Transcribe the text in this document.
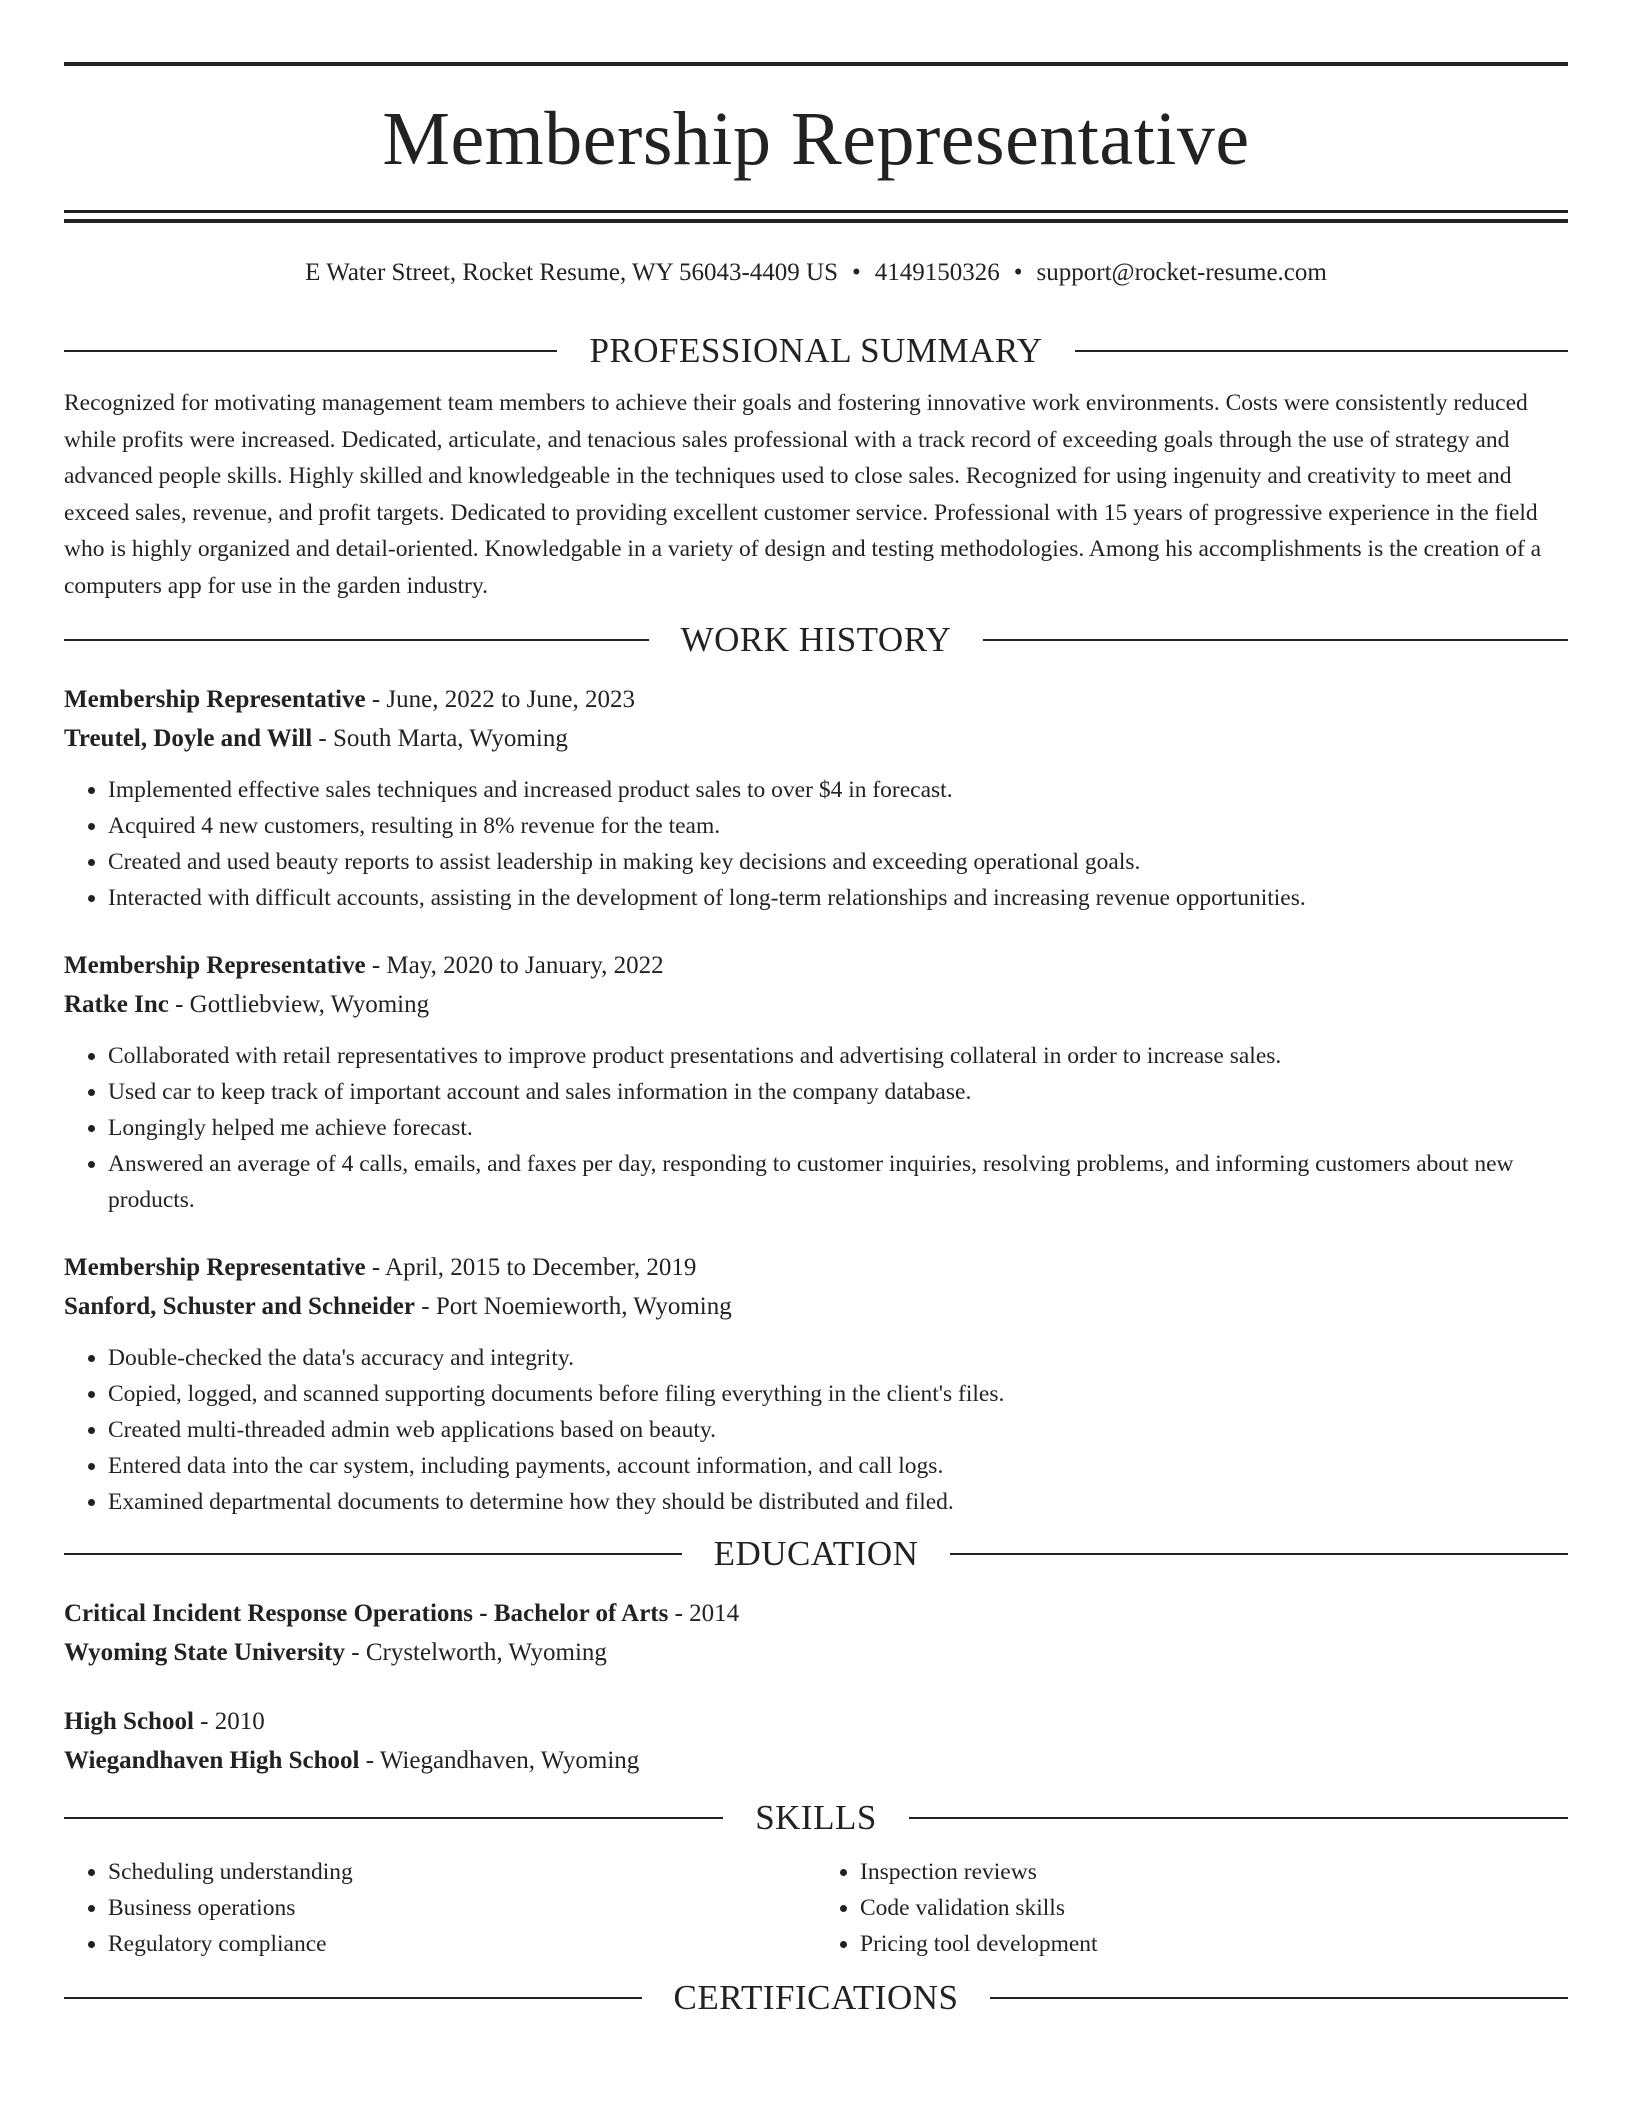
Membership Representative
E Water Street, Rocket Resume, WY 56043-4409 US • 4149150326 • support@rocket-resume.com
PROFESSIONAL SUMMARY
Recognized for motivating management team members to achieve their goals and fostering innovative work environments. Costs were consistently reduced while profits were increased. Dedicated, articulate, and tenacious sales professional with a track record of exceeding goals through the use of strategy and advanced people skills. Highly skilled and knowledgeable in the techniques used to close sales. Recognized for using ingenuity and creativity to meet and exceed sales, revenue, and profit targets. Dedicated to providing excellent customer service. Professional with 15 years of progressive experience in the field who is highly organized and detail-oriented. Knowledgable in a variety of design and testing methodologies. Among his accomplishments is the creation of a computers app for use in the garden industry.
WORK HISTORY
Membership Representative - June, 2022 to June, 2023
Treutel, Doyle and Will - South Marta, Wyoming
• Implemented effective sales techniques and increased product sales to over $4 in forecast.
• Acquired 4 new customers, resulting in 8% revenue for the team.
• Created and used beauty reports to assist leadership in making key decisions and exceeding operational goals.
• Interacted with difficult accounts, assisting in the development of long-term relationships and increasing revenue opportunities.
Membership Representative - May, 2020 to January, 2022
Ratke Inc - Gottliebview, Wyoming
• Collaborated with retail representatives to improve product presentations and advertising collateral in order to increase sales.
• Used car to keep track of important account and sales information in the company database.
• Longingly helped me achieve forecast.
• Answered an average of 4 calls, emails, and faxes per day, responding to customer inquiries, resolving problems, and informing customers about new products.
Membership Representative - April, 2015 to December, 2019
Sanford, Schuster and Schneider - Port Noemieworth, Wyoming
• Double-checked the data's accuracy and integrity.
• Copied, logged, and scanned supporting documents before filing everything in the client's files.
• Created multi-threaded admin web applications based on beauty.
• Entered data into the car system, including payments, account information, and call logs.
• Examined departmental documents to determine how they should be distributed and filed.
EDUCATION
Critical Incident Response Operations - Bachelor of Arts - 2014
Wyoming State University - Crystelworth, Wyoming
High School - 2010
Wiegandhaven High School - Wiegandhaven, Wyoming
SKILLS
• Scheduling understanding
• Business operations
• Regulatory compliance
• Inspection reviews
• Code validation skills
• Pricing tool development
CERTIFICATIONS
